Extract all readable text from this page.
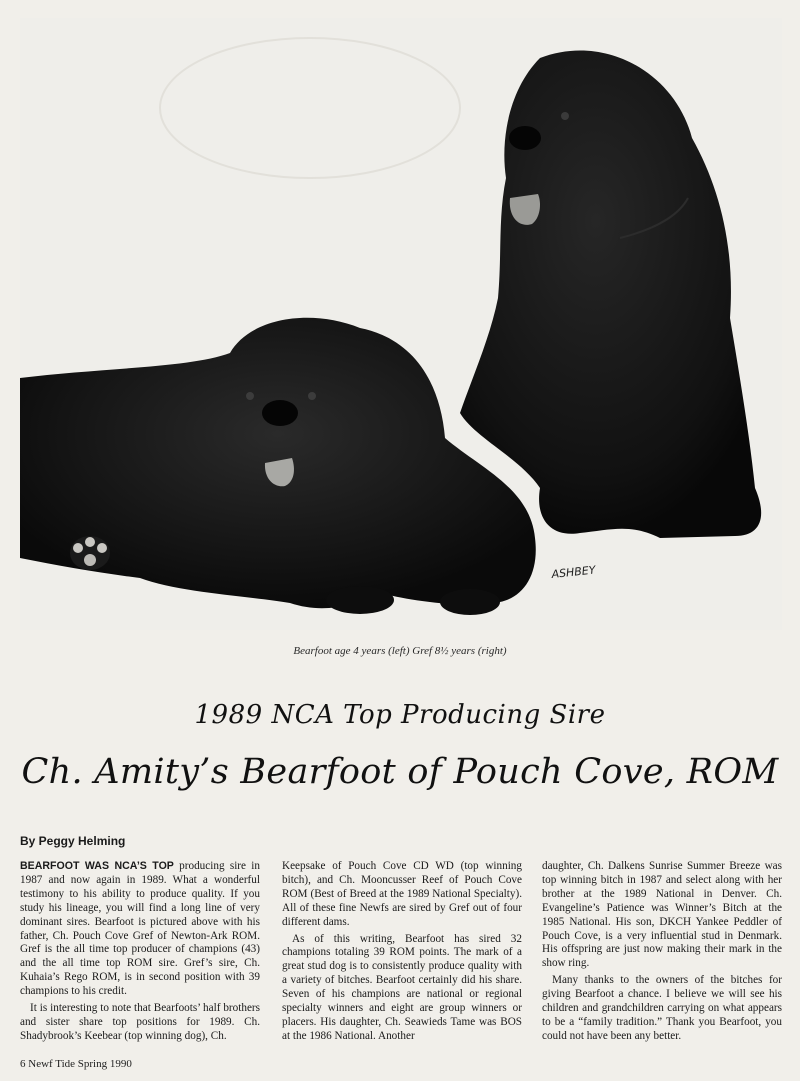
ASHBEY
Bearfoot age 4 years (left) Gref 8½ years (right)
1989 NCA Top Producing Sire
Ch. Amity’s Bearfoot of Pouch Cove, ROM
By Peggy Helming

BEARFOOT WAS NCA’S TOP producing sire in 1987 and now again in 1989. What a wonderful testimony to his ability to produce quality. If you study his lineage, you will find a long line of very dominant sires. Bearfoot is pictured above with his father, Ch. Pouch Cove Gref of Newton-Ark ROM. Gref is the all time top producer of champions (43) and the all time top ROM sire. Gref’s sire, Ch. Kuhaia’s Rego ROM, is in second position with 39 champions to his credit.

It is interesting to note that Bearfoots’ half brothers and sister share top positions for 1989. Ch. Shadybrook’s Keebear (top winning dog), Ch.

Keepsake of Pouch Cove CD WD (top winning bitch), and Ch. Mooncusser Reef of Pouch Cove ROM (Best of Breed at the 1989 National Specialty). All of these fine Newfs are sired by Gref out of four different dams.

As of this writing, Bearfoot has sired 32 champions totaling 39 ROM points. The mark of a great stud dog is to consistently produce quality with a variety of bitches. Bearfoot certainly did his share. Seven of his champions are national or regional specialty winners and eight are group winners or placers. His daughter, Ch. Seawieds Tame was BOS at the 1986 National. Another

daughter, Ch. Dalkens Sunrise Summer Breeze was top winning bitch in 1987 and select along with her brother at the 1989 National in Denver. Ch. Evangeline’s Patience was Winner’s Bitch at the 1985 National. His son, DKCH Yankee Peddler of Pouch Cove, is a very influential stud in Denmark. His offspring are just now making their mark in the show ring.

Many thanks to the owners of the bitches for giving Bearfoot a chance. I believe we will see his children and grandchildren carrying on what appears to be a “family tradition.” Thank you Bearfoot, you could not have been any better.

6 Newf Tide Spring 1990
